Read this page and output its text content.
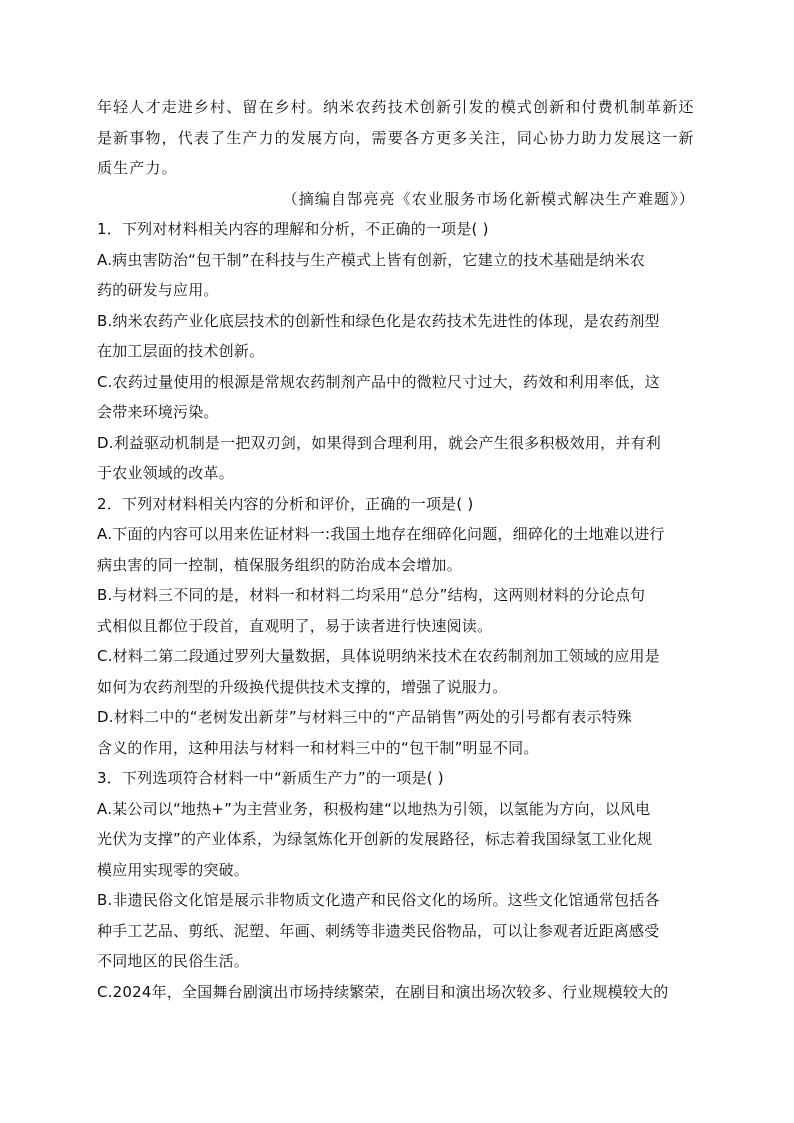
年轻人才走进乡村、留在乡村。纳米农药技术创新引发的模式创新和付费机制革新还
是新事物，代表了生产力的发展方向，需要各方更多关注，同心协力助力发展这一新
质生产力。
（摘编自郜亮亮《农业服务市场化新模式解决生产难题》）
1．下列对材料相关内容的理解和分析，不正确的一项是( )
A.病虫害防治“包干制”在科技与生产模式上皆有创新，它建立的技术基础是纳米农
药的研发与应用。
B.纳米农药产业化底层技术的创新性和绿色化是农药技术先进性的体现，是农药剂型
在加工层面的技术创新。
C.农药过量使用的根源是常规农药制剂产品中的微粒尺寸过大，药效和利用率低，这
会带来环境污染。
D.利益驱动机制是一把双刃剑，如果得到合理利用，就会产生很多积极效用，并有利
于农业领域的改革。
2．下列对材料相关内容的分析和评价，正确的一项是( )
A.下面的内容可以用来佐证材料一:我国土地存在细碎化问题，细碎化的土地难以进行
病虫害的同一控制，植保服务组织的防治成本会增加。
B.与材料三不同的是，材料一和材料二均采用“总分”结构，这两则材料的分论点句
式相似且都位于段首，直观明了，易于读者进行快速阅读。
C.材料二第二段通过罗列大量数据，具体说明纳米技术在农药制剂加工领域的应用是
如何为农药剂型的升级换代提供技术支撑的，增强了说服力。
D.材料二中的“老树发出新芽”与材料三中的“产品销售”两处的引号都有表示特殊
含义的作用，这种用法与材料一和材料三中的“包干制”明显不同。
3．下列选项符合材料一中“新质生产力”的一项是( )
A.某公司以“地热+”为主营业务，积极构建“以地热为引领，以氢能为方向，以风电
光伏为支撑”的产业体系，为绿氢炼化开创新的发展路径，标志着我国绿氢工业化规
模应用实现零的突破。
B.非遗民俗文化馆是展示非物质文化遗产和民俗文化的场所。这些文化馆通常包括各
种手工艺品、剪纸、泥塑、年画、刺绣等非遗类民俗物品，可以让参观者近距离感受
不同地区的民俗生活。
C.2024年，全国舞台剧演出市场持续繁荣，在剧目和演出场次较多、行业规模较大的
